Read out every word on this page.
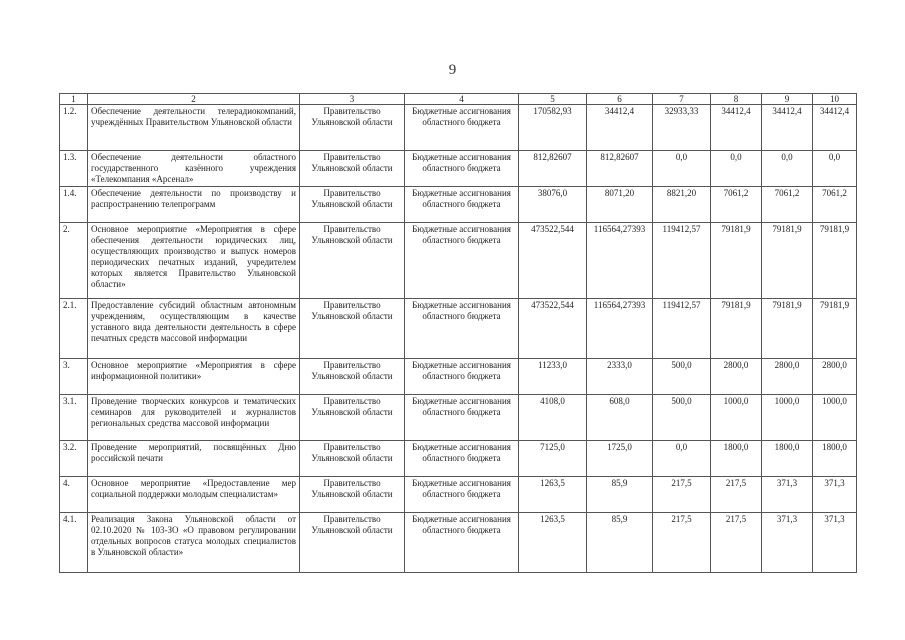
9
1	2	3	4	5	6	7	8	9	10
1.2.	Обеспечение деятельности телерадиокомпаний, учреждённых Правительством Ульяновской области	Правительство Ульяновской области	Бюджетные ассигнования областного бюджета	170582,93	34412,4	32933,33	34412,4	34412,4	34412,4
1.3.	Обеспечение деятельности областного государственного казённого учреждения «Телекомпания «Арсенал»	Правительство Ульяновской области	Бюджетные ассигнования областного бюджета	812,82607	812,82607	0,0	0,0	0,0	0,0
1.4.	Обеспечение деятельности по производству и распространению телепрограмм	Правительство Ульяновской области	Бюджетные ассигнования областного бюджета	38076,0	8071,20	8821,20	7061,2	7061,2	7061,2
2.	Основное мероприятие «Мероприятия в сфере обеспечения деятельности юридических лиц, осуществляющих производство и выпуск номеров периодических печатных изданий, учредителем которых является Правительство Ульяновской области»	Правительство Ульяновской области	Бюджетные ассигнования областного бюджета	473522,544	116564,27393	119412,57	79181,9	79181,9	79181,9
2.1.	Предоставление субсидий областным автономным учреждениям, осуществляющим в качестве уставного вида деятельности деятельность в сфере печатных средств массовой информации	Правительство Ульяновской области	Бюджетные ассигнования областного бюджета	473522,544	116564,27393	119412,57	79181,9	79181,9	79181,9
3.	Основное мероприятие «Мероприятия в сфере информационной политики»	Правительство Ульяновской области	Бюджетные ассигнования областного бюджета	11233,0	2333,0	500,0	2800,0	2800,0	2800,0
3.1.	Проведение творческих конкурсов и тематических семинаров для руководителей и журналистов региональных средства массовой информации	Правительство Ульяновской области	Бюджетные ассигнования областного бюджета	4108,0	608,0	500,0	1000,0	1000,0	1000,0
3.2.	Проведение мероприятий, посвящённых Дню российской печати	Правительство Ульяновской области	Бюджетные ассигнования областного бюджета	7125,0	1725,0	0,0	1800,0	1800,0	1800,0
4.	Основное мероприятие «Предоставление мер социальной поддержки молодым специалистам»	Правительство Ульяновской области	Бюджетные ассигнования областного бюджета	1263,5	85,9	217,5	217,5	371,3	371,3
4.1.	Реализация Закона Ульяновской области от 02.10.2020 № 103-ЗО «О правовом регулировании отдельных вопросов статуса молодых специалистов в Ульяновской области»	Правительство Ульяновской области	Бюджетные ассигнования областного бюджета	1263,5	85,9	217,5	217,5	371,3	371,3
